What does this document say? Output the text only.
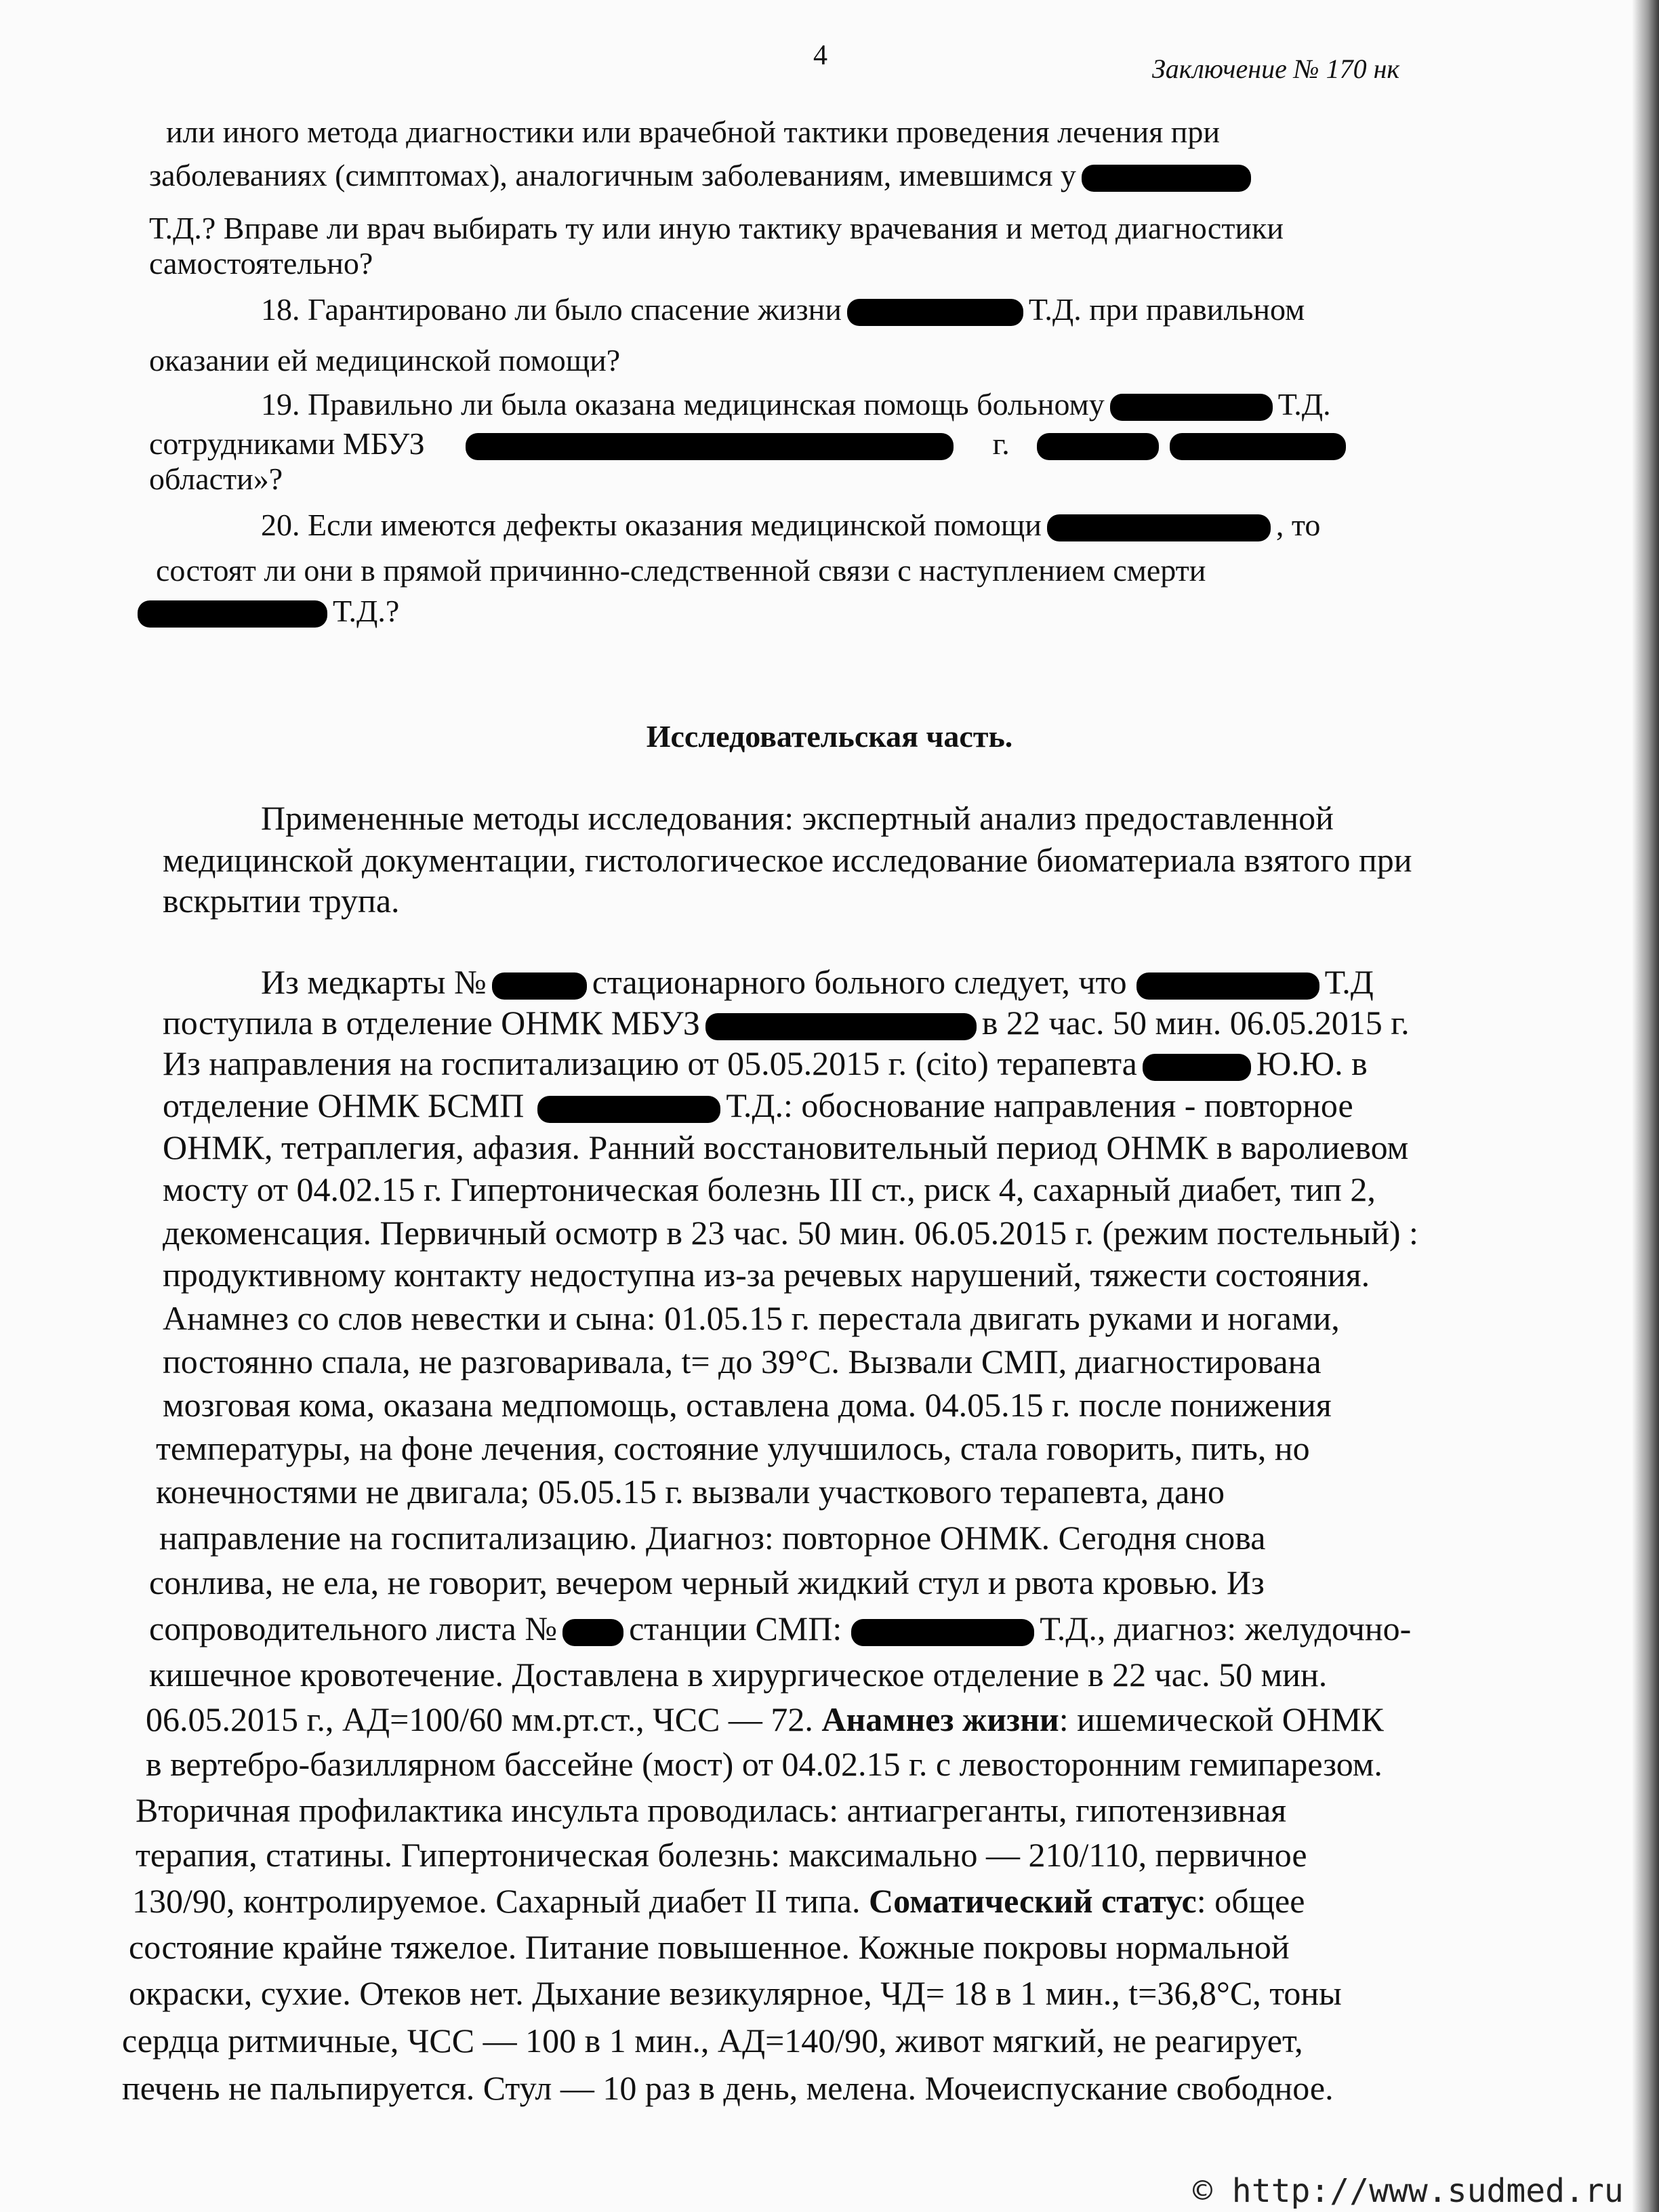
4	Заключение № 170 нк
или иного метода диагностики или врачебной тактики проведения лечения при
заболеваниях (симптомах), аналогичным заболеваниям, имевшимся у
Т.Д.? Вправе ли врач выбирать ту или иную тактику врачевания и метод диагностики
самостоятельно?
18. Гарантировано ли было спасение жизни	Т.Д. при правильном
оказании ей медицинской помощи?
19. Правильно ли была оказана медицинская помощь больному	Т.Д.
сотрудниками МБУЗ	г.
области»?
20. Если имеются дефекты оказания медицинской помощи	, то
состоят ли они в прямой причинно-следственной связи с наступлением смерти
Т.Д.?
Исследовательская часть.
Примененные методы исследования: экспертный анализ предоставленной
медицинской документации, гистологическое исследование биоматериала взятого при
вскрытии трупа.
Из медкарты №	стационарного больного следует, что	Т.Д
поступила в отделение ОНМК МБУЗ	в 22 час. 50 мин. 06.05.2015 г.
Из направления на госпитализацию от 05.05.2015 г. (cito) терапевта	Ю.Ю. в
отделение ОНМК БСМП	Т.Д.: обоснование направления - повторное
ОНМК, тетраплегия, афазия. Ранний восстановительный период ОНМК в варолиевом
мосту от 04.02.15 г. Гипертоническая болезнь III ст., риск 4, сахарный диабет, тип 2,
декоменсация. Первичный осмотр в 23 час. 50 мин. 06.05.2015 г. (режим постельный) :
продуктивному контакту недоступна из-за речевых нарушений, тяжести состояния.
Анамнез со слов невестки и сына: 01.05.15 г. перестала двигать руками и ногами,
постоянно спала, не разговаривала, t= до 39°С. Вызвали СМП, диагностирована
мозговая кома, оказана медпомощь, оставлена дома. 04.05.15 г. после понижения
температуры, на фоне лечения, состояние улучшилось, стала говорить, пить, но
конечностями не двигала; 05.05.15 г. вызвали участкового терапевта, дано
направление на госпитализацию. Диагноз: повторное ОНМК. Сегодня снова
сонлива, не ела, не говорит, вечером черный жидкий стул и рвота кровью. Из
сопроводительного листа № станции СМП:	Т.Д., диагноз: желудочно-
кишечное кровотечение. Доставлена в хирургическое отделение в 22 час. 50 мин.
06.05.2015 г., АД=100/60 мм.рт.ст., ЧСС — 72. Анамнез жизни: ишемической ОНМК
в вертебро-базиллярном бассейне (мост) от 04.02.15 г. с левосторонним гемипарезом.
Вторичная профилактика инсульта проводилась: антиагреганты, гипотензивная
терапия, статины. Гипертоническая болезнь: максимально — 210/110, первичное
130/90, контролируемое. Сахарный диабет II типа. Соматический статус: общее
состояние крайне тяжелое. Питание повышенное. Кожные покровы нормальной
окраски, сухие. Отеков нет. Дыхание везикулярное, ЧД= 18 в 1 мин., t=36,8°С, тоны
сердца ритмичные, ЧСС — 100 в 1 мин., АД=140/90, живот мягкий, не реагирует,
печень не пальпируется. Стул — 10 раз в день, мелена. Мочеиспускание свободное.
© http://www.sudmed.ru
